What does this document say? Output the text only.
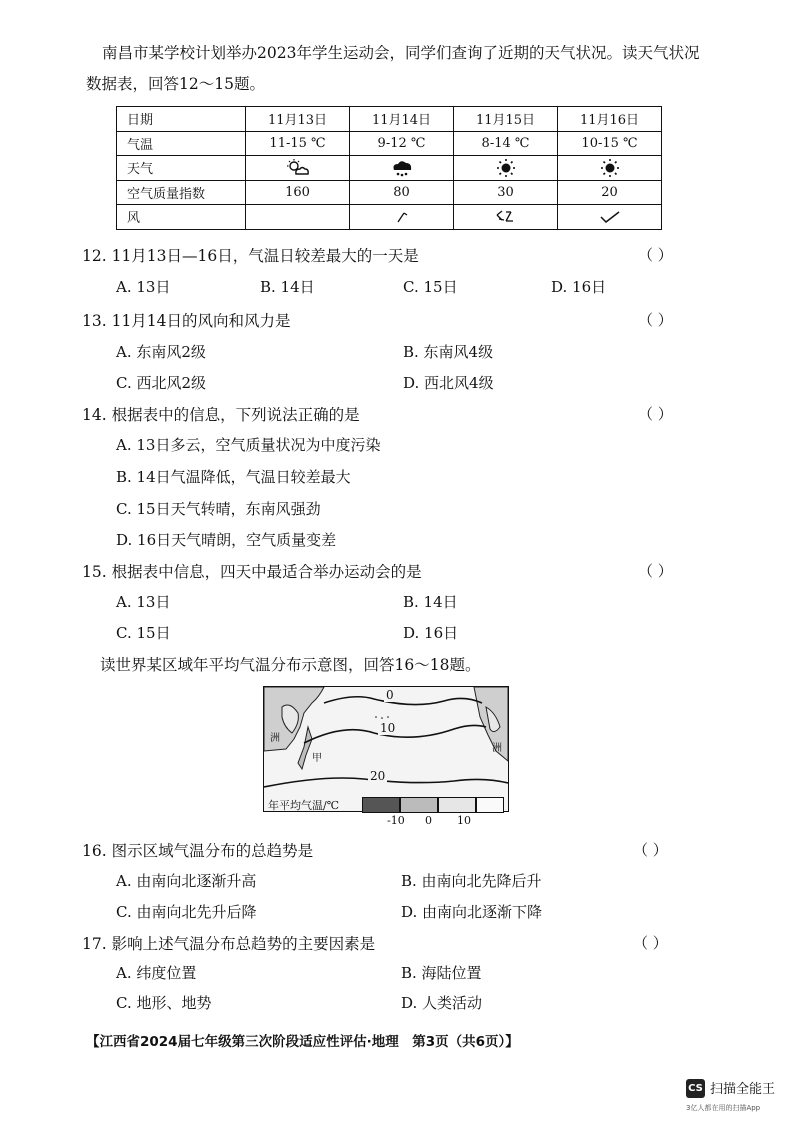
南昌市某学校计划举办2023年学生运动会，同学们查询了近期的天气状况。读天气状况数据表，回答12～15题。
日期	11月13日	11月14日	11月15日	11月16日
气温	11-15 ℃	9-12 ℃	8-14 ℃	10-15 ℃
天气	

空气质量指数	160	80	30	20
风		

12. 11月13日—16日，气温日较差最大的一天是	（ ）
A. 13日	B. 14日	C. 15日	D. 16日
13. 11月14日的风向和风力是	（ ）
A. 东南风2级	B. 东南风4级
C. 西北风2级	D. 西北风4级
14. 根据表中的信息，下列说法正确的是	（ ）
A. 13日多云，空气质量状况为中度污染
B. 14日气温降低，气温日较差最大
C. 15日天气转晴，东南风强劲
D. 16日天气晴朗，空气质量变差
15. 根据表中信息，四天中最适合举办运动会的是	（ ）
A. 13日	B. 14日
C. 15日	D. 16日
读世界某区域年平均气温分布示意图，回答16～18题。
0
10
20
洲
甲
洲
年平均气温/℃
-10 0 10
16. 图示区域气温分布的总趋势是	（ ）
A. 由南向北逐渐升高	B. 由南向北先降后升
C. 由南向北先升后降	D. 由南向北逐渐下降
17. 影响上述气温分布总趋势的主要因素是	（ ）
A. 纬度位置	B. 海陆位置
C. 地形、地势	D. 人类活动
【江西省2024届七年级第三次阶段适应性评估·地理　第3页（共6页）】
CS 扫描全能王
3亿人都在用的扫描App
